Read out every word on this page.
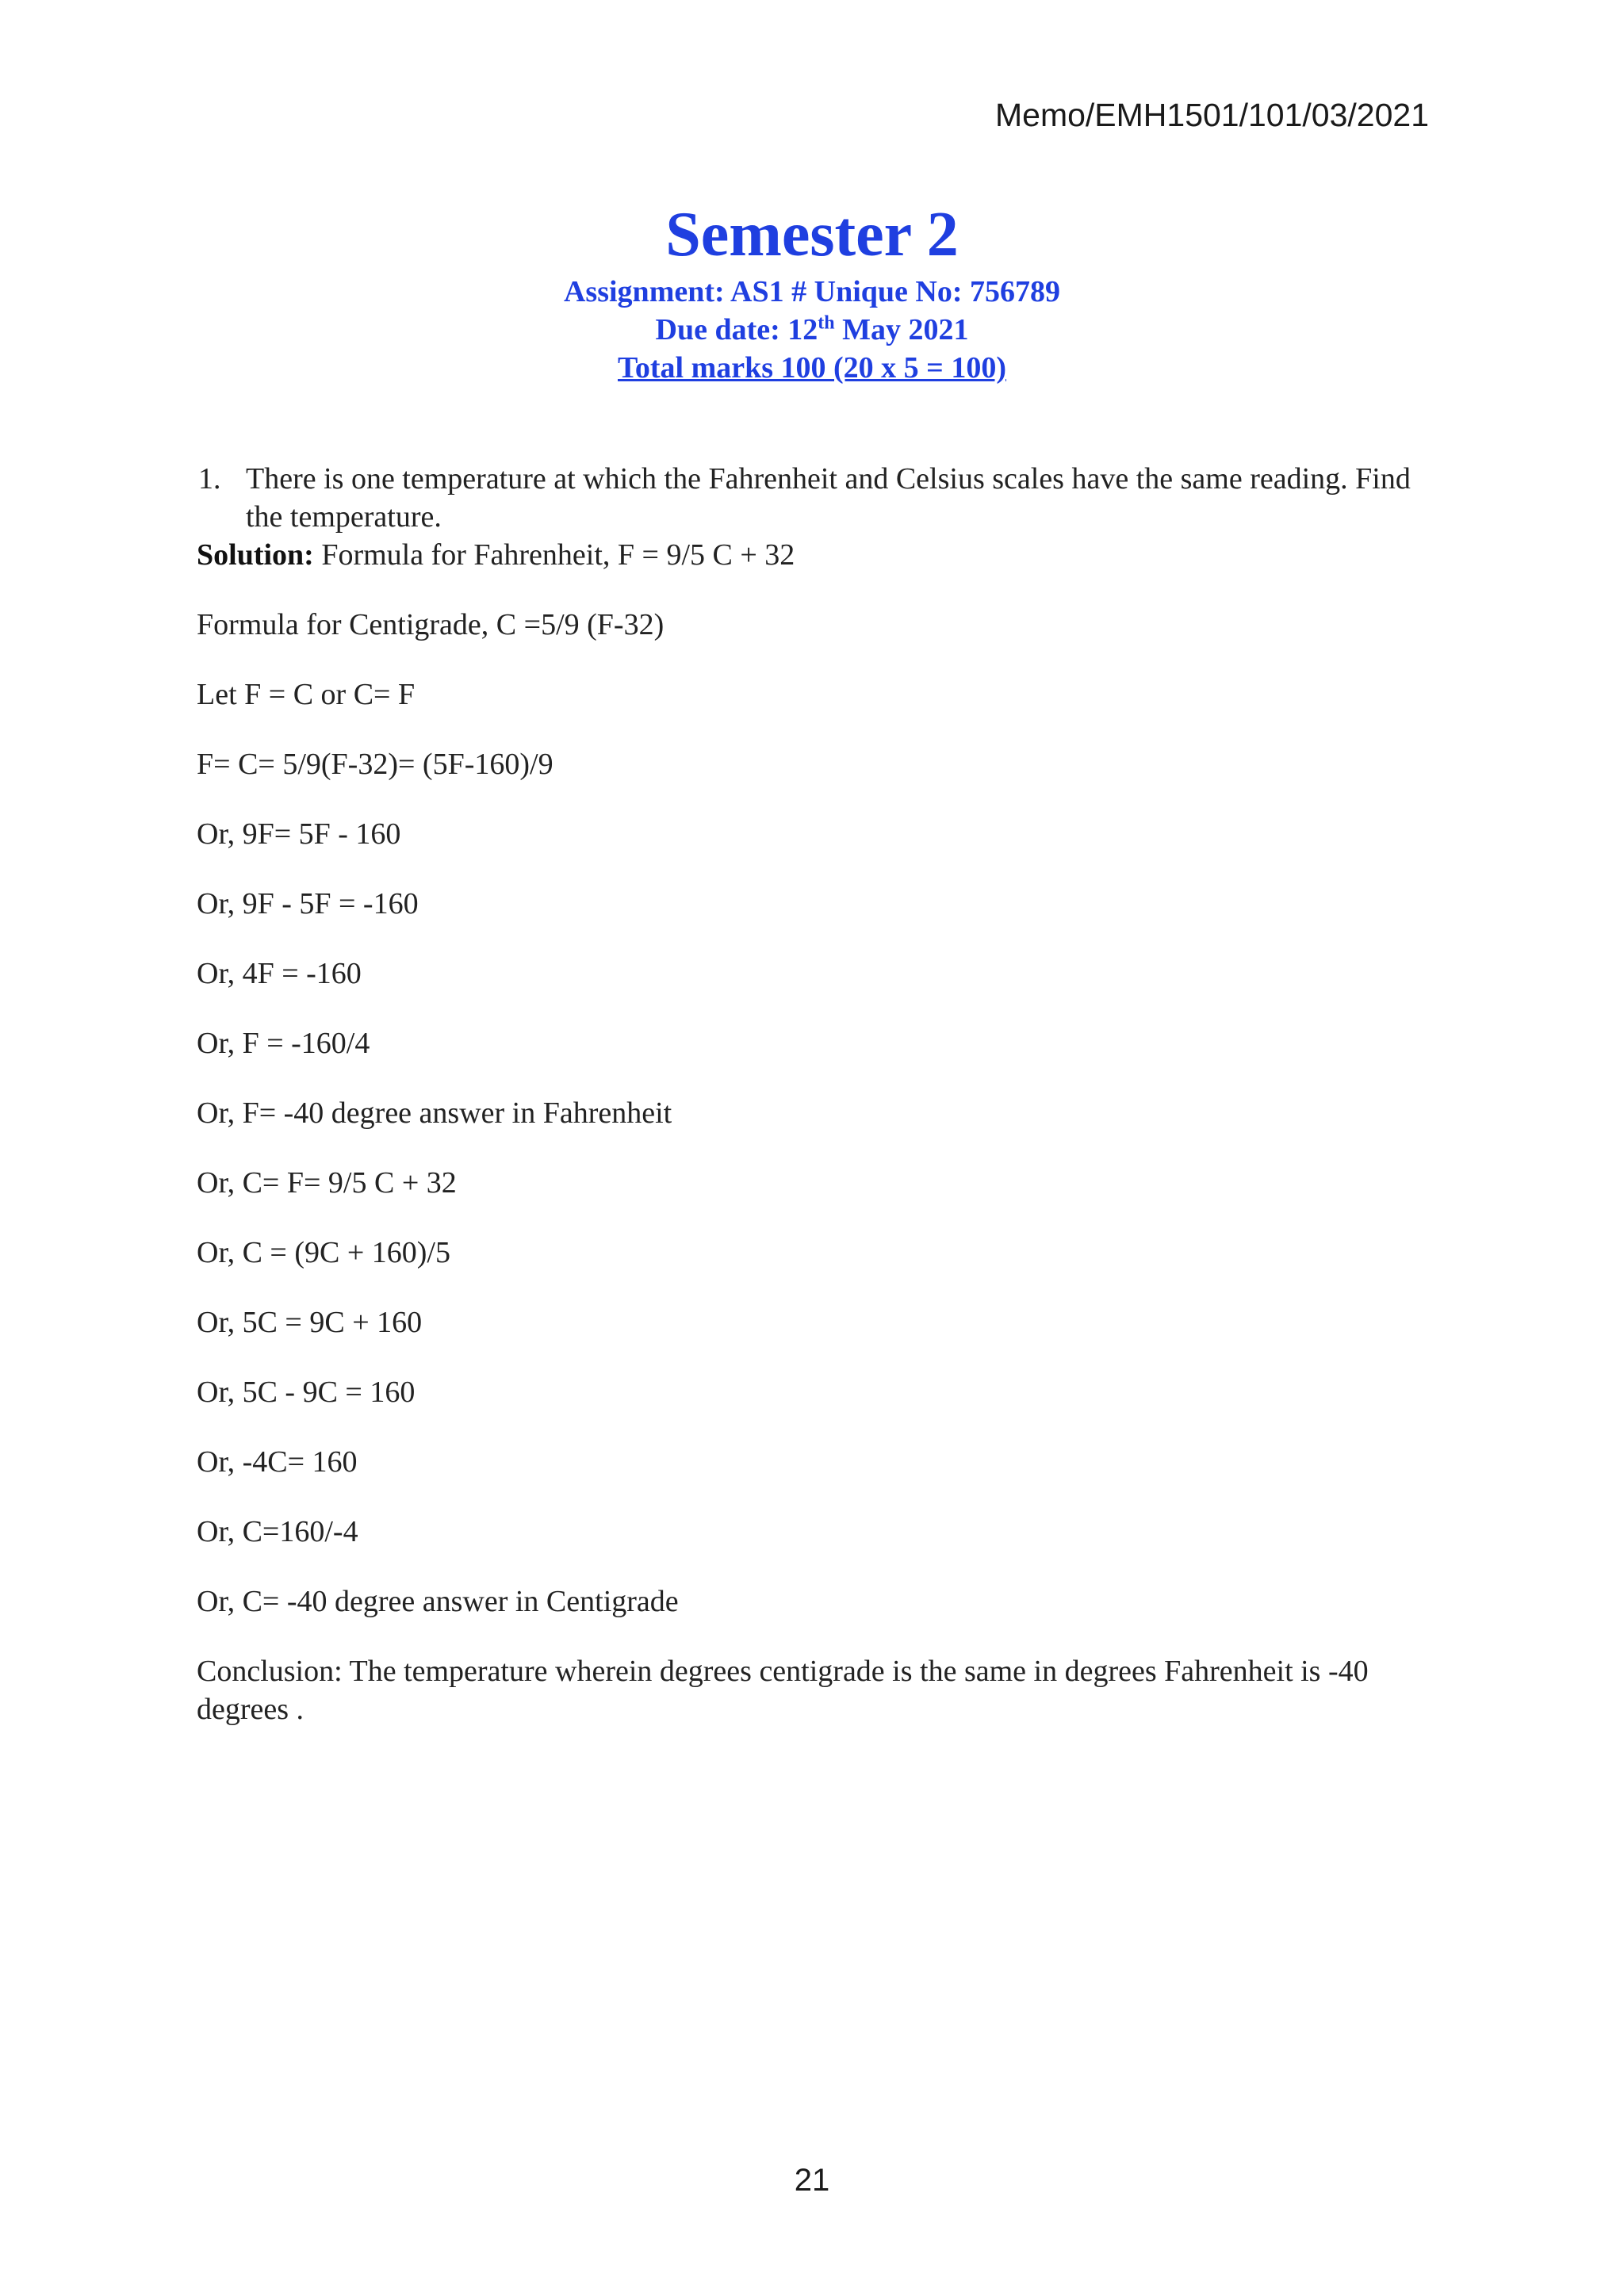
Memo/EMH1501/101/03/2021

Semester 2

Assignment: AS1 # Unique No: 756789

Due date: 12th May 2021

Total marks 100 (20 x 5 = 100)

1. There is one temperature at which the Fahrenheit and Celsius scales have the same reading. Find the temperature.

Solution: Formula for Fahrenheit, F = 9/5 C + 32

Formula for Centigrade, C =5/9 (F-32)

Let F = C or C= F

F= C= 5/9(F-32)= (5F-160)/9

Or, 9F= 5F - 160

Or, 9F - 5F = -160

Or, 4F = -160

Or, F = -160/4

Or, F= -40 degree answer in Fahrenheit

Or, C= F= 9/5 C + 32

Or, C = (9C + 160)/5

Or, 5C = 9C + 160

Or, 5C - 9C = 160

Or, -4C= 160

Or, C=160/-4

Or, C= -40 degree answer in Centigrade

Conclusion: The temperature wherein degrees centigrade is the same in degrees Fahrenheit is -40 degrees .

21
